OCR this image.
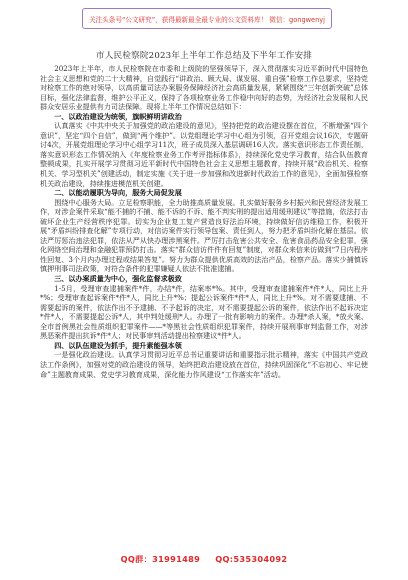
关注头条号“公文研究”，获得最新最全最专业的公文资料库！ 微信：gongwenyj
市人民检察院2023年上半年工作总结及下半年工作安排

2023年上半年，市人民检察院在市委和上级院的坚强领导下，深入贯彻落实习近平新时代中国特色社会主义思想和党的二十大精神，自觉践行“讲政治、顾大局、谋发展、重自强”检察工作总要求，坚持党对检察工作的绝对领导，以高质量司法办案服务保障经济社会高质量发展，紧紧围绕“三年创新突破”总体目标，强化法律监督，维护公平正义，保持了各项检察业务工作稳中向好的态势，为经济社会发展和人民群众安居乐业提供有力司法保障。现将上半年工作情况总结如下：

一、以政治建设为统领，旗帜鲜明讲政治

认真落实《中共中央关于加强党的政治建设的意见》，坚持把党的政治建设摆在首位，不断增强“四个意识”，坚定“四个自信”，做到“两个维护”。以党组理论学习中心组为引领，召开党组会议16次，专题研讨4次，开展党组理论学习中心组学习11次，班子成员深入基层调研16人次。落实意识形态工作责任制，落实意识形态工作情况纳入《年度检察业务工作考评指标体系》，持续深化党史学习教育，结合队伍教育整顿成果，扎实开展学习贯彻习近平新时代中国特色社会主义思想主题教育，持续开展“政治机关、检察机关、学习型机关”创建活动，制定实施《关于进一步加强和改进新时代政治工作的意见》，全面加强检察机关政治建设，持续推进模范机关创建。

二、以能动履职为导向，服务大局促发展

围绕中心服务大局。立足检察职能，全力助推高质量发展。扎实做好服务乡村振兴和民营经济发展工作，对涉企案件采取“能不捕的不捕、能不诉的不诉、能不判实刑的提出适用缓刑建议”等措施，依法打击破坏企业生产经营秩序犯罪。切实为企业复工复产营造良好法治环境，持续做好信访维稳工作，积极开展“矛盾纠纷排查化解”专项行动，对信访案件实行领导包案、责任到人，努力把矛盾纠纷化解在基层。依法严厉惩治违法犯罪，依法从严从快办理涉黑案件。严厉打击危害公共安全、危害食品药品安全犯罪，强化网络空间治理和金融犯罪预防打击。落实“群众信访件件有回复”制度，对群众来信来访做到“7日内程序性回复、3个月内办理过程或结果答复”。努力为群众提供优质高效的法治产品，检察产品。落实少捕慎诉慎押刑事司法政策，对符合条件的犯罪嫌疑人依法不批准逮捕。

三、以办案质量为中心，强化监督求极致

1-5月，受理审查逮捕案件*件，办结*件，结案率*%。其中，受理审查逮捕案件*件*人，同比上升*%；受理审查起诉案件*件*人，同比上升*%；提起公诉案件*件*人，同比上升*%。对不需要逮捕、不需要起诉的案件，依法作出不予逮捕、不予起诉的决定，对不需要提起公诉的案件，依法作出不起诉决定*件*人，不需要提起公诉*人，其中判处缓刑*人。办理了一批有影响力的案件。办理*杀人案，*放火案、全市首例黑社会性质组织犯罪案件——*等黑社会性质组织犯罪案件，持续开展刑事审判监督工作，对涉黑恶案件提出抗诉*件*人；对民事审判活动提出检察建议*件*人。

四、以队伍建设为抓手，提升素能强本领

一是强化政治建设。认真学习贯彻习近平总书记重要讲话和重要指示批示精神，落实《中国共产党政法工作条例》，加强对党的政治建设的领导，始终把政治建设放在首位，持续巩固深化“不忘初心、牢记使命”主题教育成果、党史学习教育成果，深化能力作风建设“工作落实年”活动。

QQ群：31991489 QQ:535304092
